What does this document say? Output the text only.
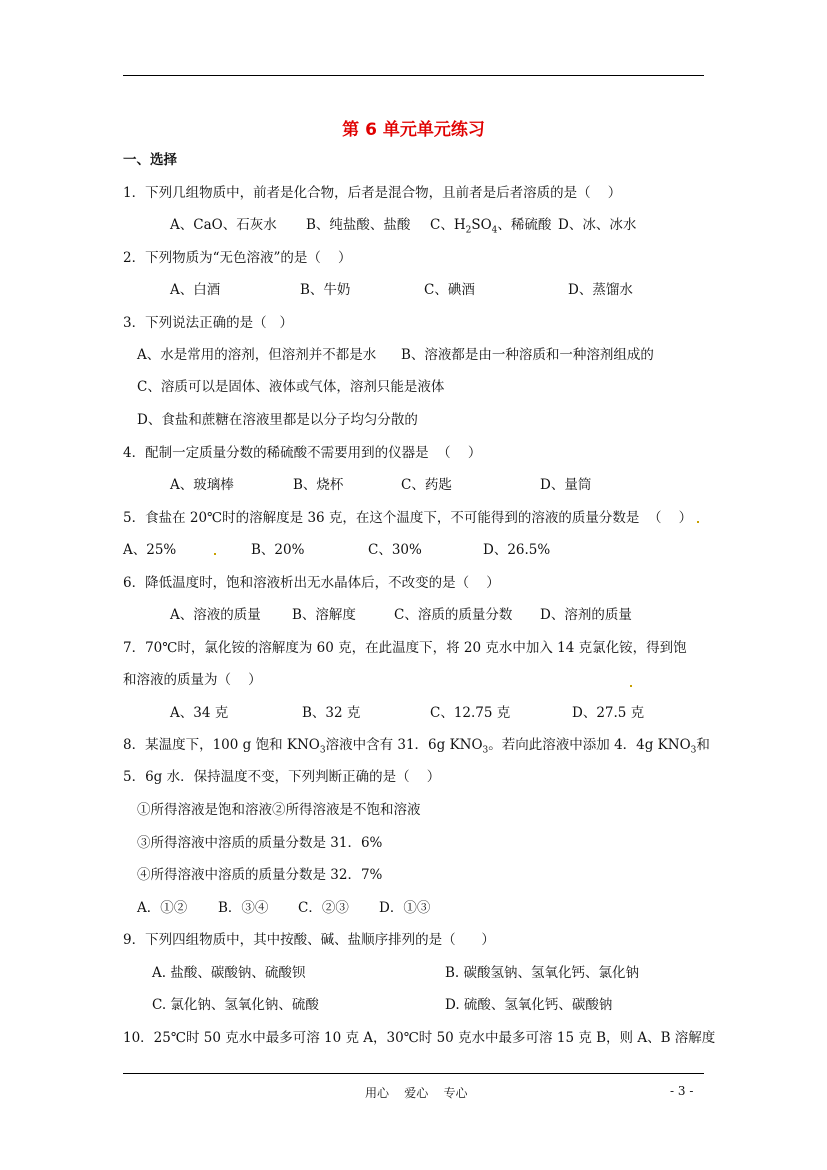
第 6 单元单元练习
一、选择
1．下列几组物质中，前者是化合物，后者是混合物，且前者是后者溶质的是（    ）
A、CaO、石灰水 B、纯盐酸、盐酸 C、$H_2SO_4$、稀硫酸 D、冰、冰水
2．下列物质为“无色溶液”的是（    ）
A、白酒	B、牛奶	C、碘酒	D、蒸馏水
3．下列说法正确的是（   ）
A、水是常用的溶剂，但溶剂并不都是水 B、溶液都是由一种溶质和一种溶剂组成的
C、溶质可以是固体、液体或气体，溶剂只能是液体
D、食盐和蔗糖在溶液里都是以分子均匀分散的
4．配制一定质量分数的稀硫酸不需要用到的仪器是  （    ）
A、玻璃棒	B、烧杯	C、药匙	D、量筒
5．食盐在 20℃时的溶解度是 36 克，在这个温度下，不可能得到的溶液的质量分数是  （    ）
A、25%	B、20%	C、30%	D、26.5%
6．降低温度时，饱和溶液析出无水晶体后，不改变的是（    ）
A、溶液的质量 B、溶解度	C、溶质的质量分数 D、溶剂的质量
7．70℃时，氯化铵的溶解度为 60 克，在此温度下，将 20 克水中加入 14 克氯化铵，得到饱
和溶液的质量为（    ）
A、34 克	B、32 克	C、12.75 克	D、27.5 克
8．某温度下，100 g 饱和 $KNO_3$溶液中含有 31．6g $KNO_3$。若向此溶液中添加 4．4g $KNO_3$和
5．6g 水．保持温度不变，下列判断正确的是（    ）
①所得溶液是饱和溶液②所得溶液是不饱和溶液
③所得溶液中溶质的质量分数是 31．6%
④所得溶液中溶质的质量分数是 32．7%
A．①② B．③④ C．②③ D．①③
9．下列四组物质中，其中按酸、碱、盐顺序排列的是（      ）
A. 盐酸、碳酸钠、硫酸钡	B. 碳酸氢钠、氢氧化钙、氯化钠
C. 氯化钠、氢氧化钠、硫酸	D. 硫酸、氢氧化钙、碳酸钠
10．25℃时 50 克水中最多可溶 10 克 A，30℃时 50 克水中最多可溶 15 克 B，则 A、B 溶解度
用心    爱心    专心	- 3 -
